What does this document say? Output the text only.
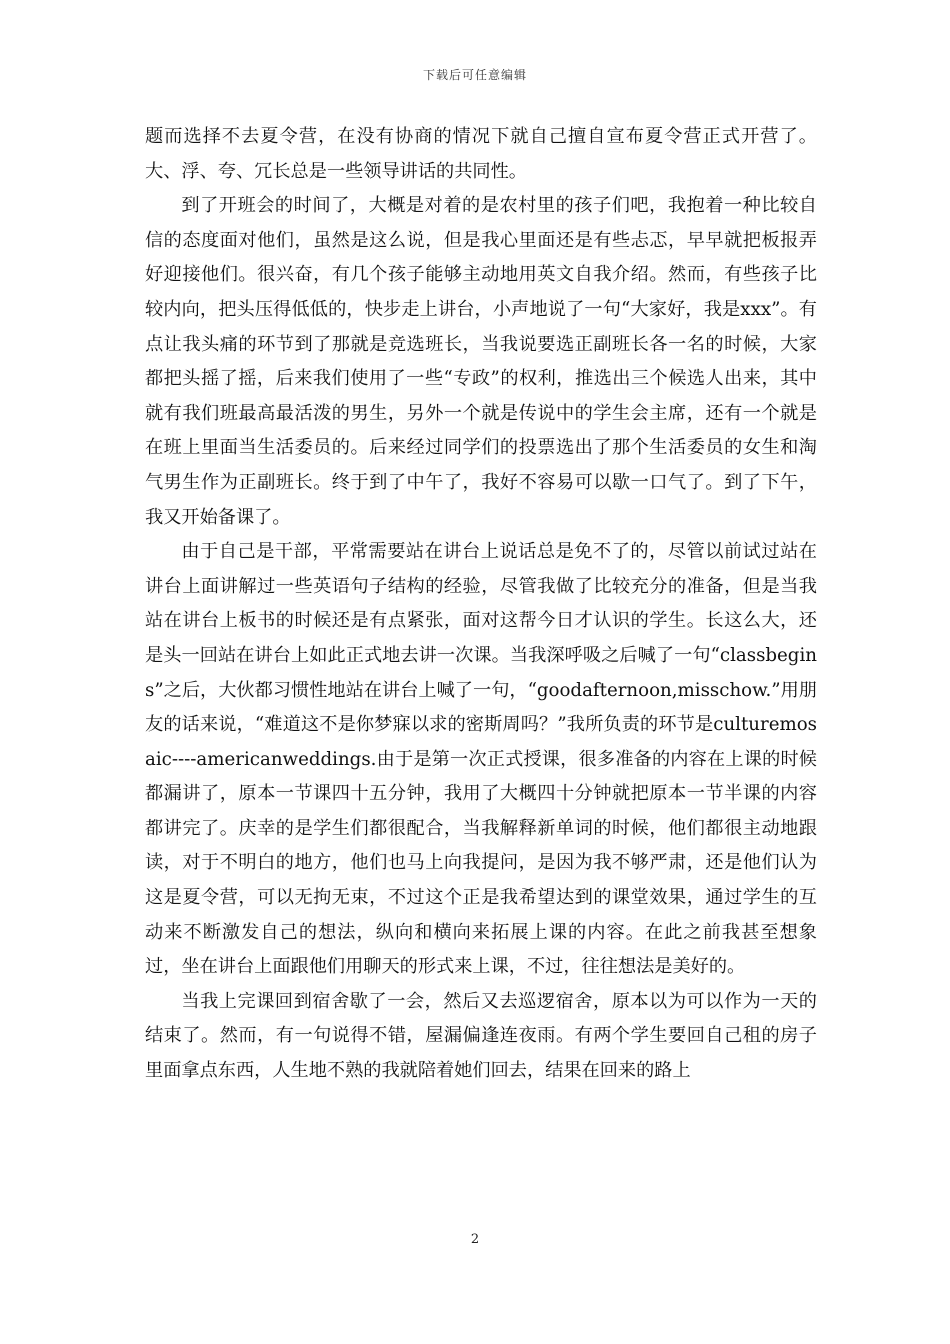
下载后可任意编辑

题而选择不去夏令营，在没有协商的情况下就自己擅自宣布夏令营正式开营了。大、浮、夸、冗长总是一些领导讲话的共同性。

到了开班会的时间了，大概是对着的是农村里的孩子们吧，我抱着一种比较自信的态度面对他们，虽然是这么说，但是我心里面还是有些忐忑，早早就把板报弄好迎接他们。很兴奋，有几个孩子能够主动地用英文自我介绍。然而，有些孩子比较内向，把头压得低低的，快步走上讲台，小声地说了一句“大家好，我是xxx”。有点让我头痛的环节到了那就是竞选班长，当我说要选正副班长各一名的时候，大家都把头摇了摇，后来我们使用了一些“专政”的权利，推选出三个候选人出来，其中就有我们班最高最活泼的男生，另外一个就是传说中的学生会主席，还有一个就是在班上里面当生活委员的。后来经过同学们的投票选出了那个生活委员的女生和淘气男生作为正副班长。终于到了中午了，我好不容易可以歇一口气了。到了下午，我又开始备课了。

由于自己是干部，平常需要站在讲台上说话总是免不了的，尽管以前试过站在讲台上面讲解过一些英语句子结构的经验，尽管我做了比较充分的准备，但是当我站在讲台上板书的时候还是有点紧张，面对这帮今日才认识的学生。长这么大，还是头一回站在讲台上如此正式地去讲一次课。当我深呼吸之后喊了一句“classbegins”之后，大伙都习惯性地站在讲台上喊了一句，“goodafternoon,misschow.”用朋友的话来说，“难道这不是你梦寐以求的密斯周吗？”我所负责的环节是culturemosaic----americanweddings.由于是第一次正式授课，很多准备的内容在上课的时候都漏讲了，原本一节课四十五分钟，我用了大概四十分钟就把原本一节半课的内容都讲完了。庆幸的是学生们都很配合，当我解释新单词的时候，他们都很主动地跟读，对于不明白的地方，他们也马上向我提问，是因为我不够严肃，还是他们认为这是夏令营，可以无拘无束，不过这个正是我希望达到的课堂效果，通过学生的互动来不断激发自己的想法，纵向和横向来拓展上课的内容。在此之前我甚至想象过，坐在讲台上面跟他们用聊天的形式来上课，不过，往往想法是美好的。

当我上完课回到宿舍歇了一会，然后又去巡逻宿舍，原本以为可以作为一天的结束了。然而，有一句说得不错，屋漏偏逢连夜雨。有两个学生要回自己租的房子里面拿点东西，人生地不熟的我就陪着她们回去，结果在回来的路上

2
